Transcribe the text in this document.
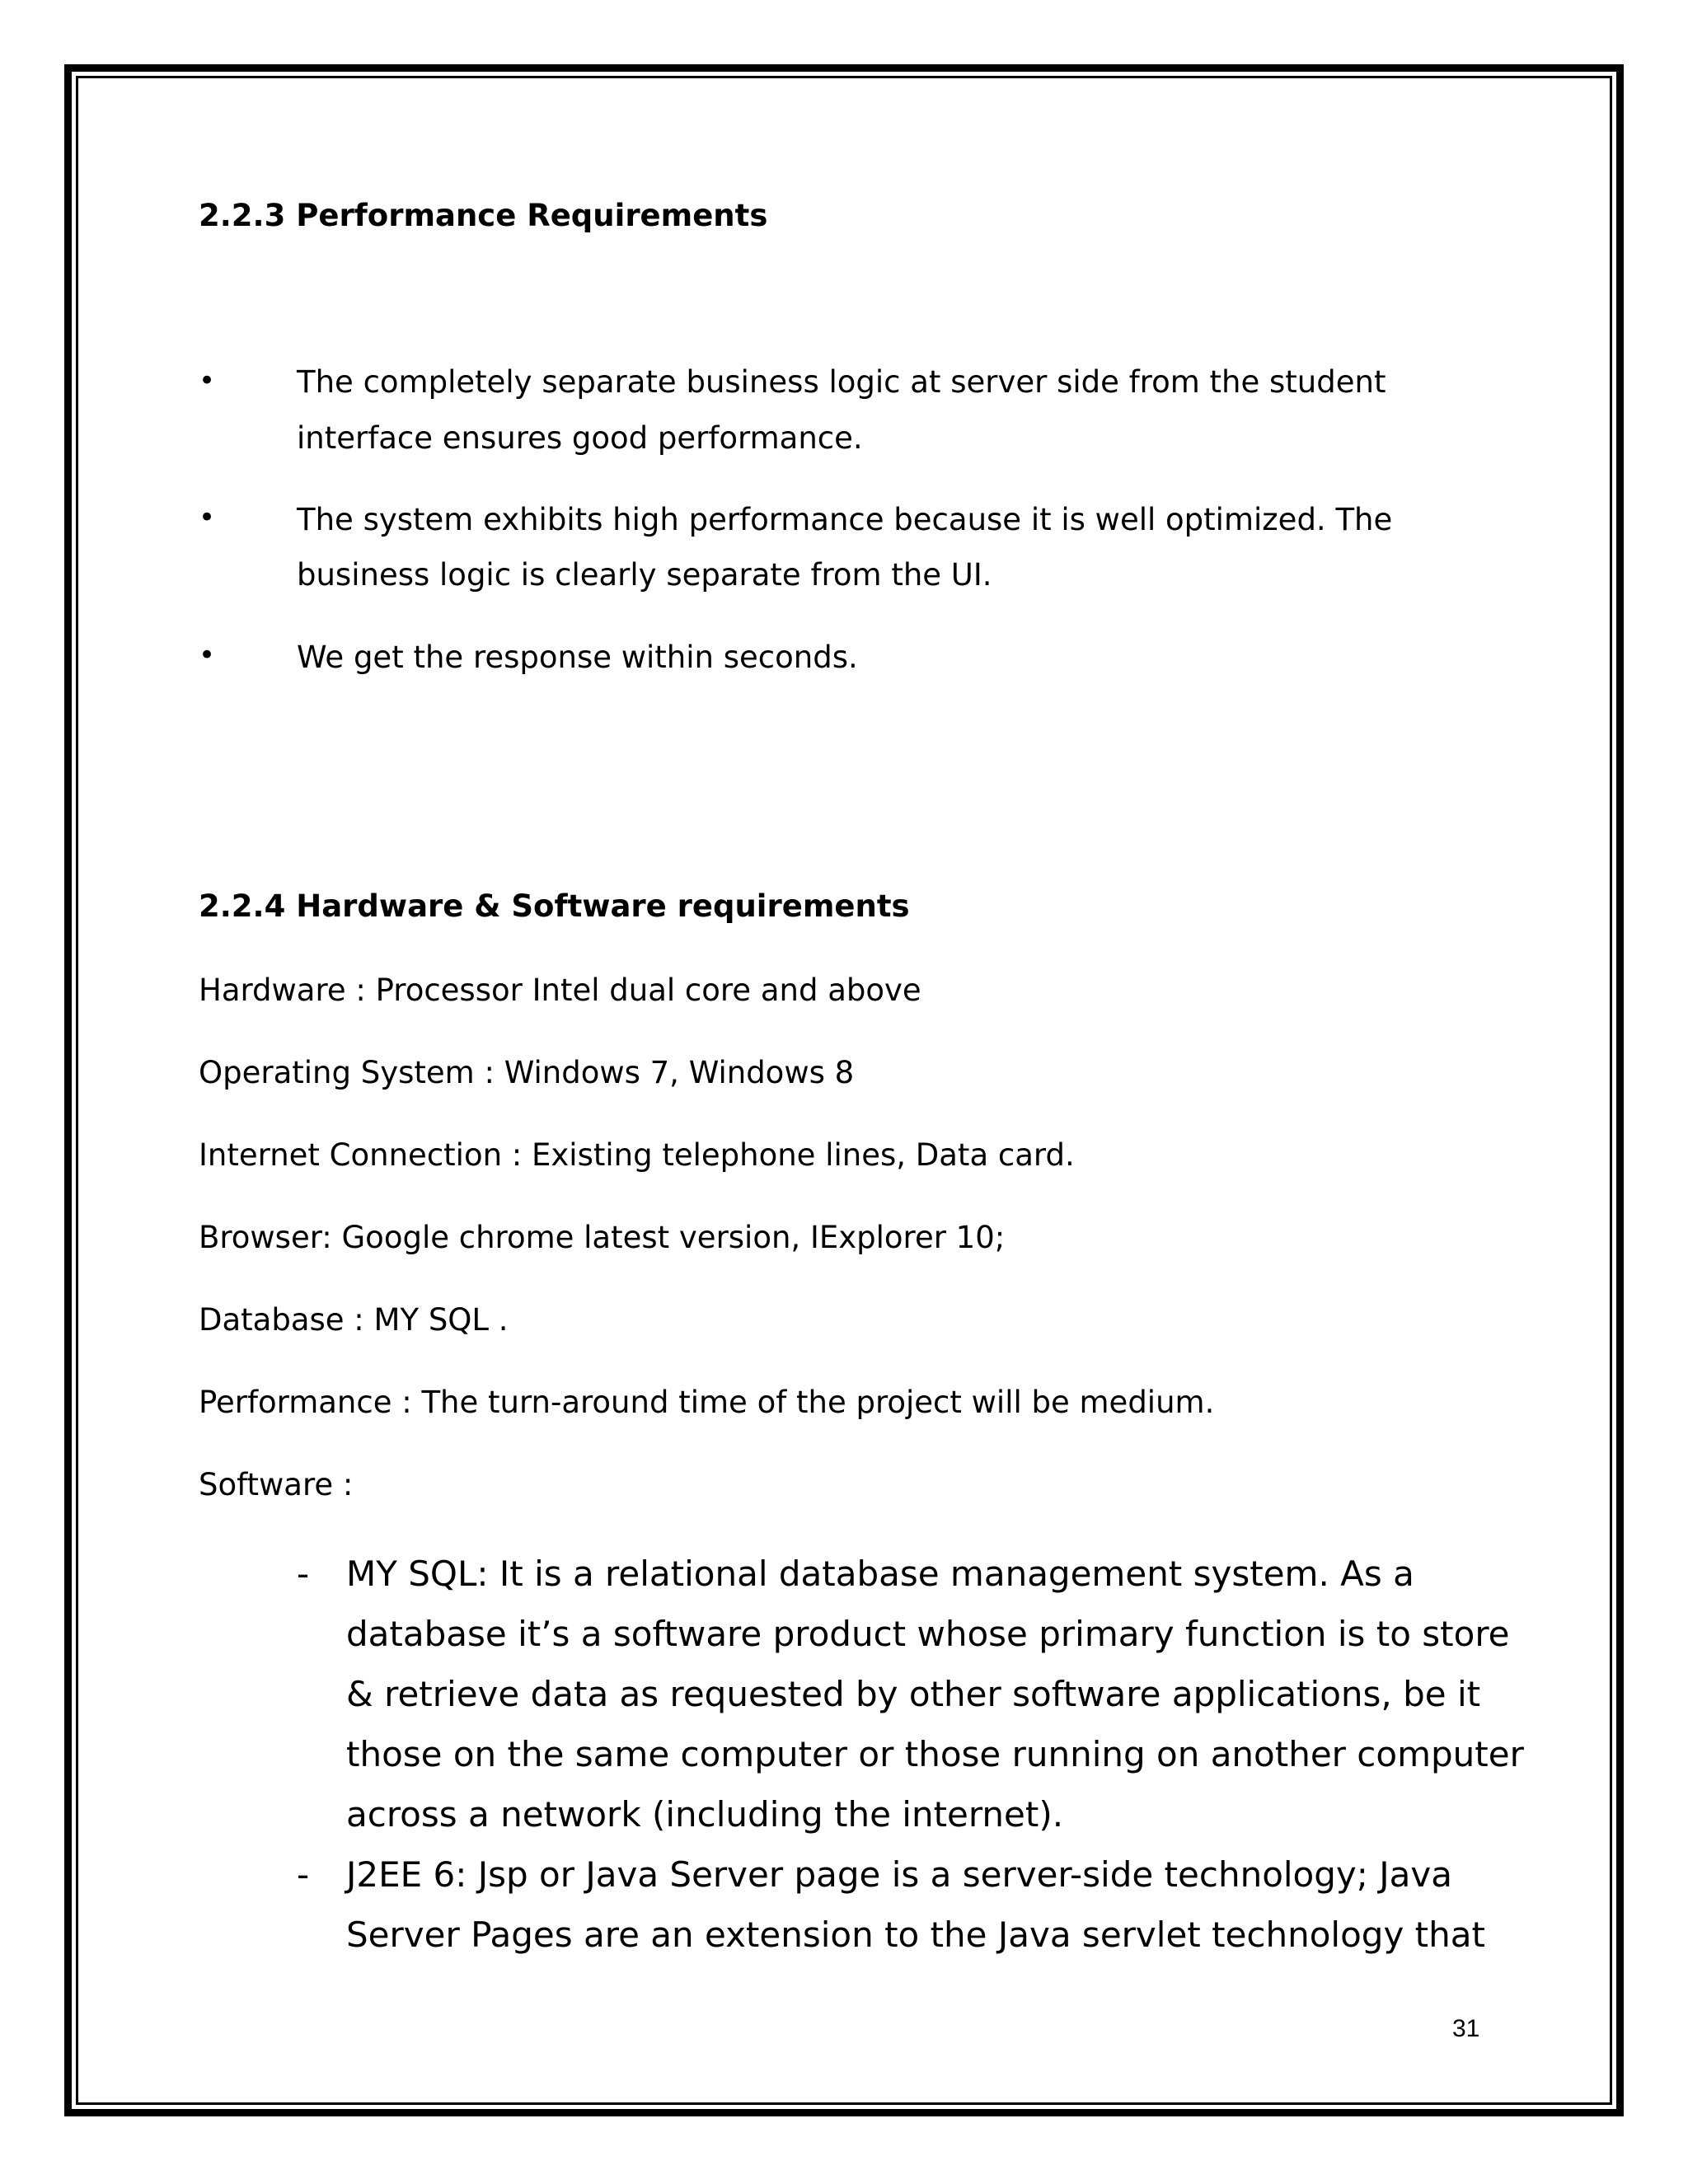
2.2.3 Performance Requirements
•	The completely separate business logic at server side from the student
interface ensures good performance.
•	The system exhibits high performance because it is well optimized. The
business logic is clearly separate from the UI.
•	We get the response within seconds.
2.2.4 Hardware & Software requirements
Hardware : Processor Intel dual core and above
Operating System : Windows 7, Windows 8
Internet Connection : Existing telephone lines, Data card.
Browser: Google chrome latest version, IExplorer 10;
Database : MY SQL .
Performance : The turn-around time of the project will be medium.
Software :
- MY SQL: It is a relational database management system. As a
database it’s a software product whose primary function is to store
& retrieve data as requested by other software applications, be it
those on the same computer or those running on another computer
across a network (including the internet).
- J2EE 6: Jsp or Java Server page is a server-side technology; Java
Server Pages are an extension to the Java servlet technology that
31
